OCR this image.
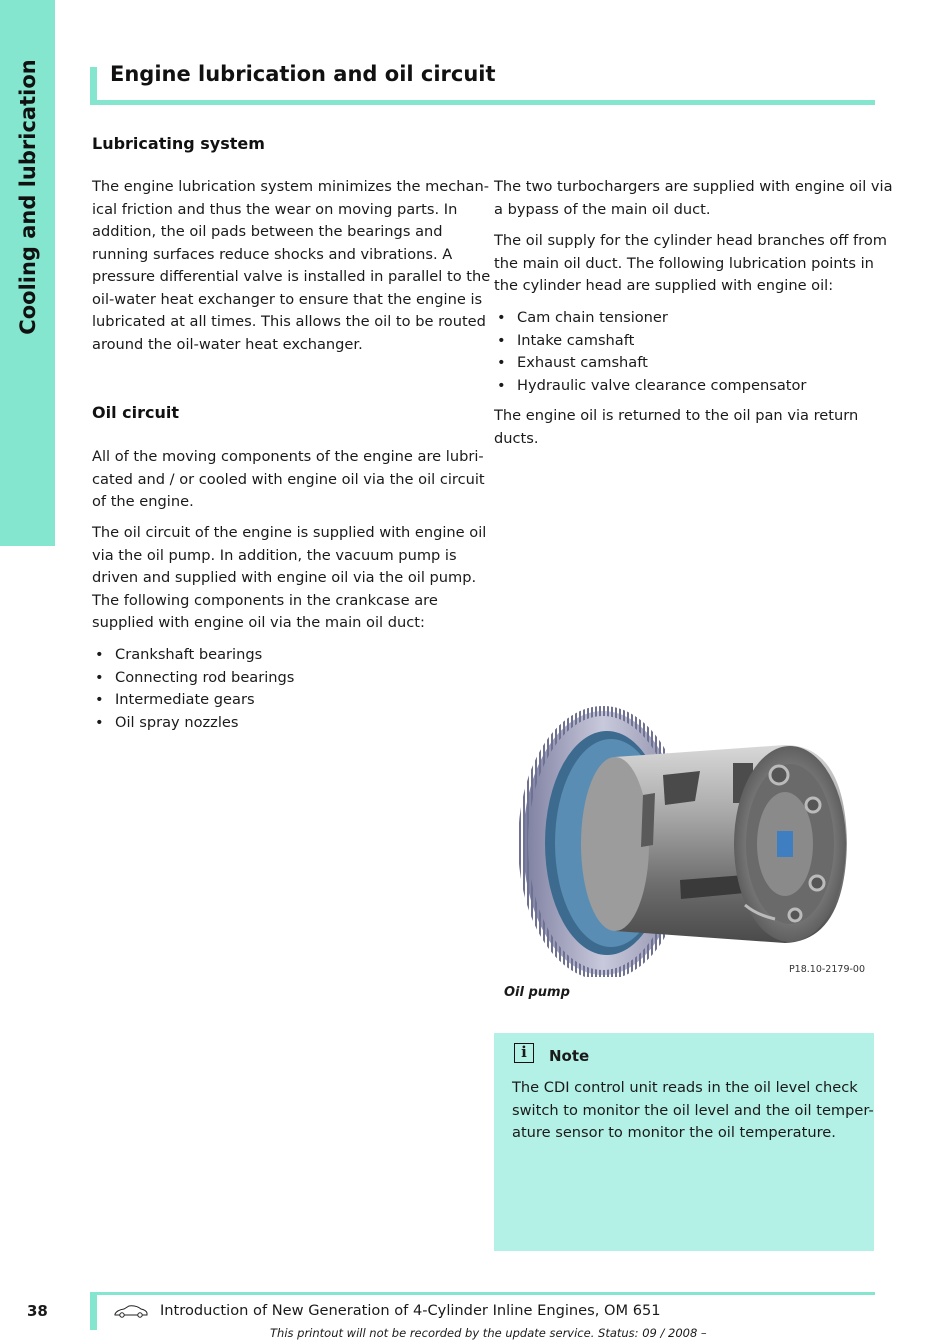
Cooling and lubrication	Engine lubrication and oil circuit
Lubricating system

The engine lubrication system minimizes the mechan-
ical friction and thus the wear on moving parts. In
addition, the oil pads between the bearings and
running surfaces reduce shocks and vibrations. A
pressure differential valve is installed in parallel to the
oil-water heat exchanger to ensure that the engine is
lubricated at all times. This allows the oil to be routed
around the oil-water heat exchanger.

Oil circuit

All of the moving components of the engine are lubri-
cated and / or cooled with engine oil via the oil circuit
of the engine.

The oil circuit of the engine is supplied with engine oil
via the oil pump. In addition, the vacuum pump is
driven and supplied with engine oil via the oil pump.
The following components in the crankcase are
supplied with engine oil via the main oil duct:

• Crankshaft bearings
• Connecting rod bearings
• Intermediate gears
• Oil spray nozzles

The two turbochargers are supplied with engine oil via
a bypass of the main oil duct.

The oil supply for the cylinder head branches off from
the main oil duct. The following lubrication points in
the cylinder head are supplied with engine oil:

• Cam chain tensioner
• Intake camshaft
• Exhaust camshaft
• Hydraulic valve clearance compensator

The engine oil is returned to the oil pan via return
ducts.

P18.10-2179-00

Oil pump

i	Note

The CDI control unit reads in the oil level check
switch to monitor the oil level and the oil temper-
ature sensor to monitor the oil temperature.

38	Introduction of New Generation of 4-Cylinder Inline Engines, OM 651
This printout will not be recorded by the update service. Status: 09 / 2008 –
